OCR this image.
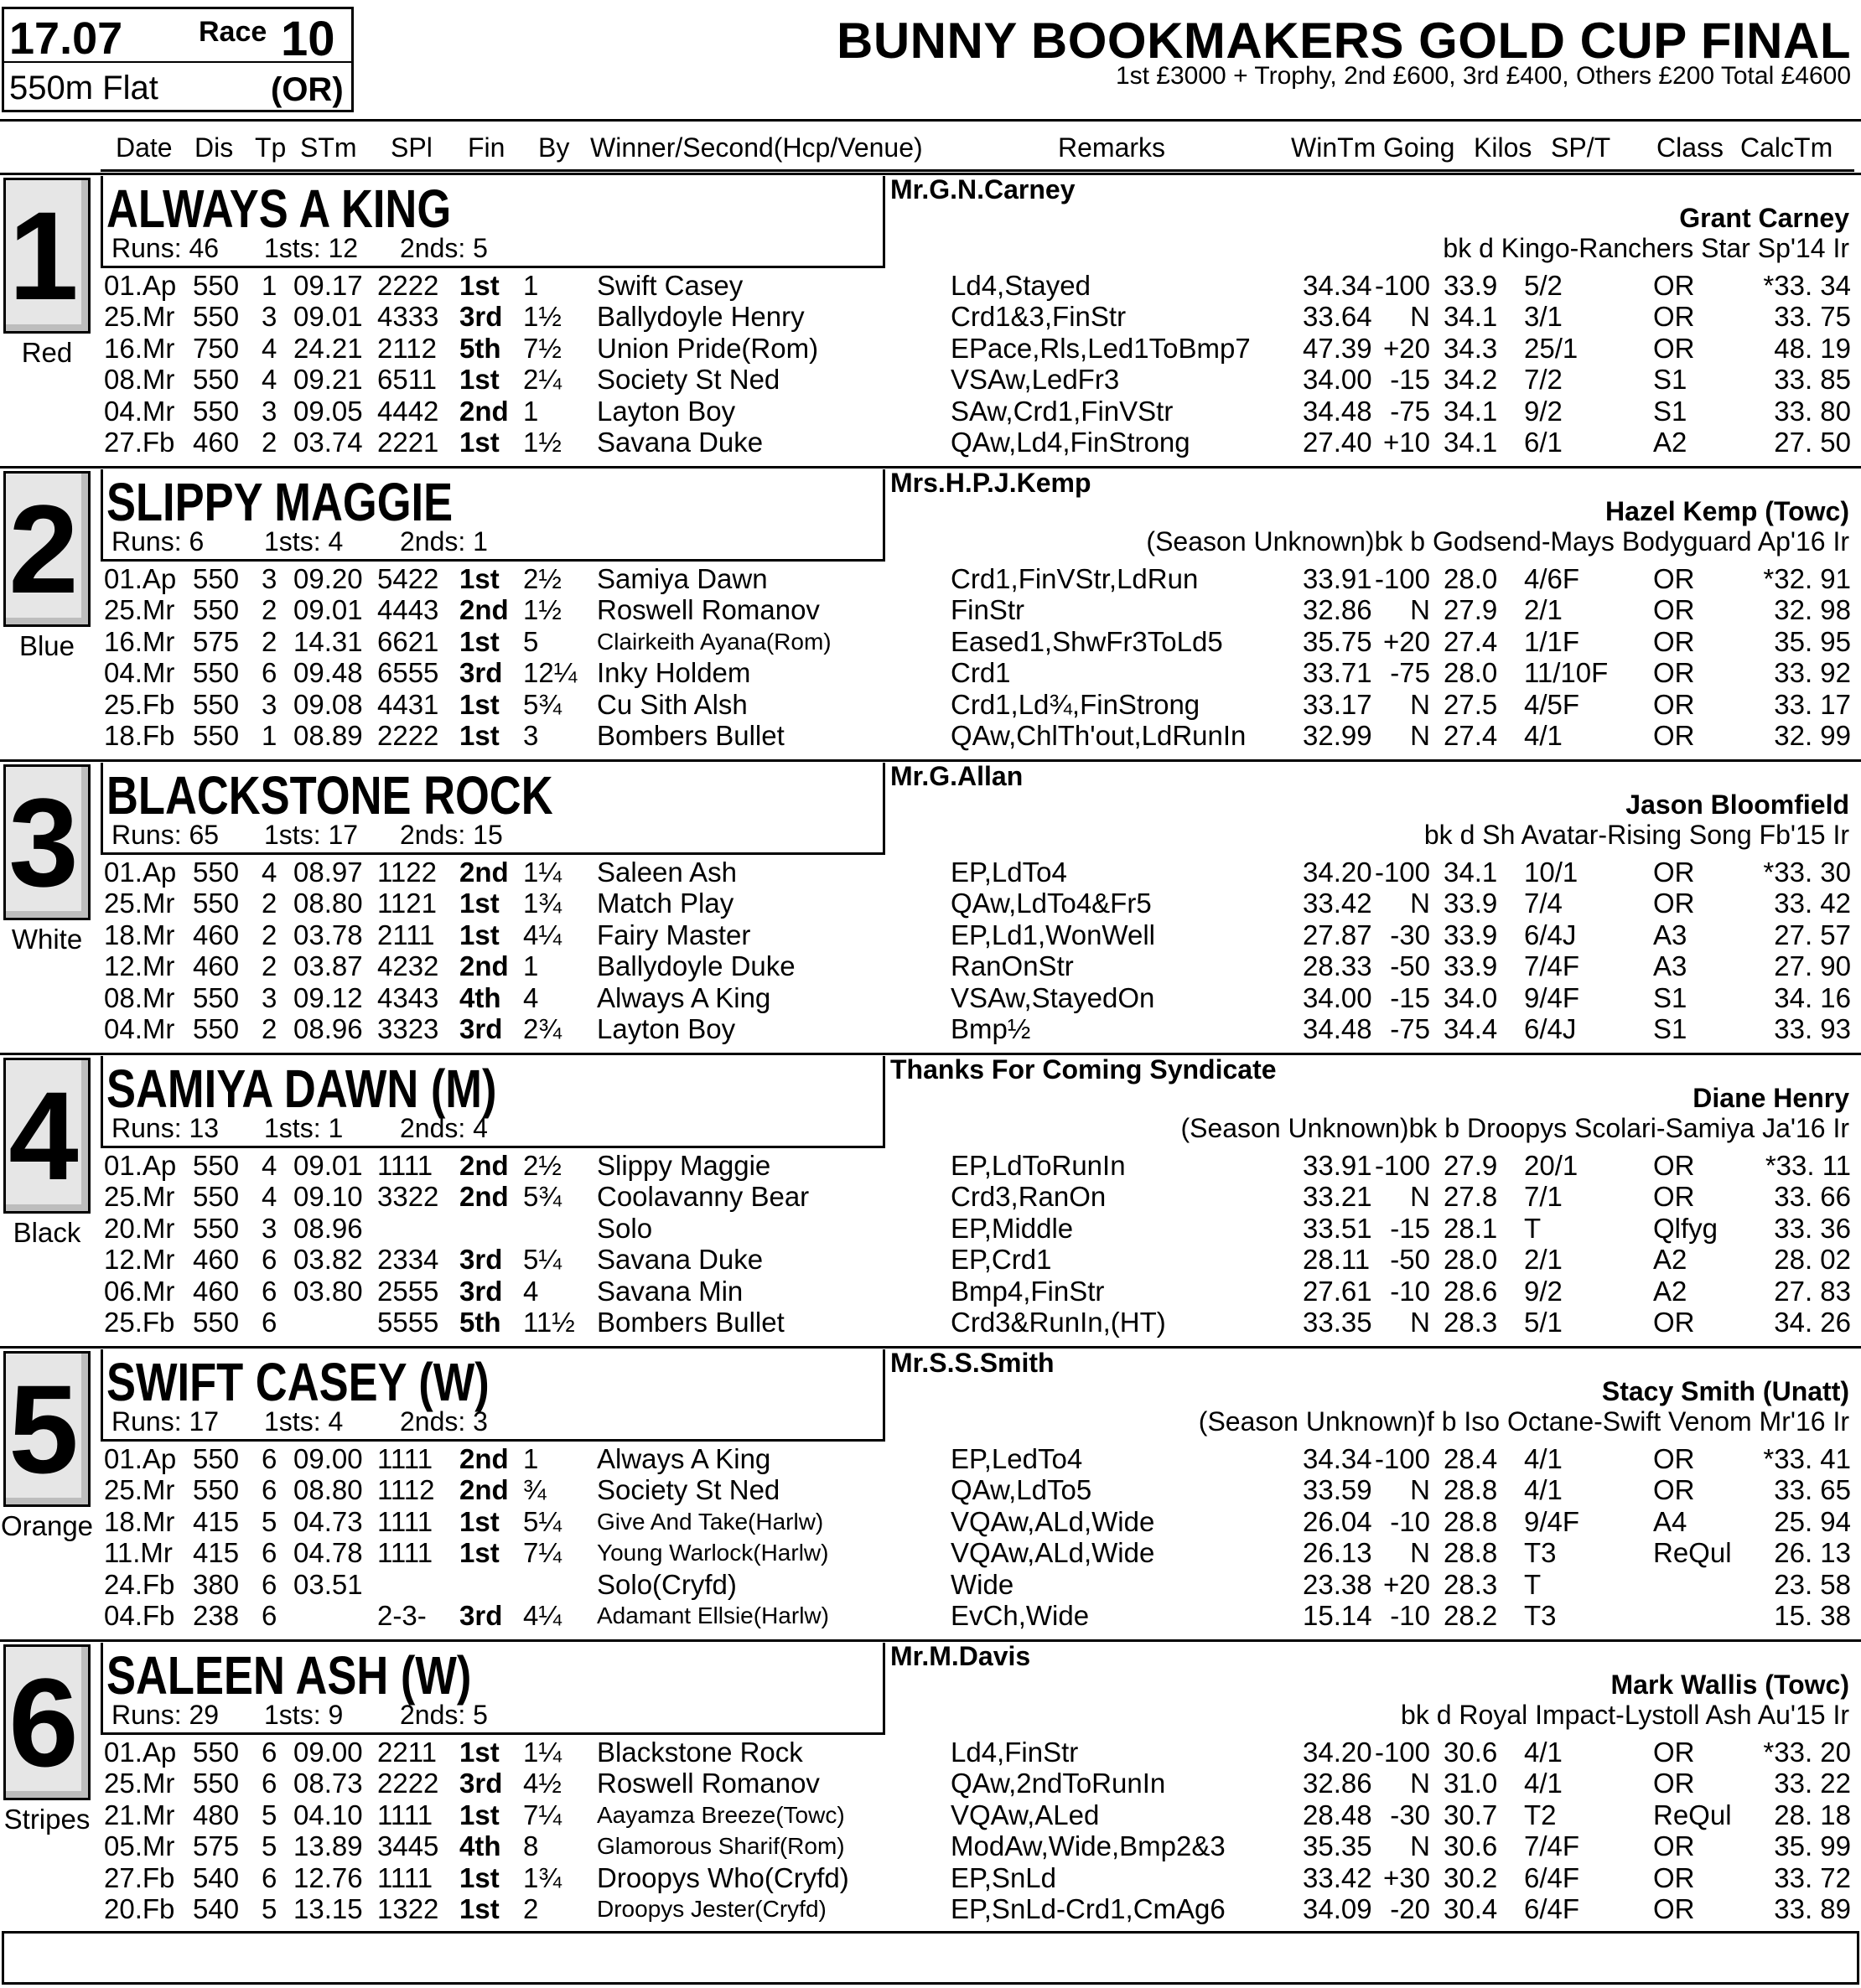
17.07	Race 10
550m Flat	(OR)
BUNNY BOOKMAKERS GOLD CUP FINAL
1st £3000 + Trophy, 2nd £600, 3rd £400, Others £200 Total £4600
Date Dis Tp STm SPl Fin By Winner/Second(Hcp/Venue)	Remarks	WinTm Going Kilos SP/T Class CalcTm
1
Red
ALWAYS A KING
Runs: 46 1sts: 12 2nds: 5
Mr.G.N.Carney
Grant Carney
bk d Kingo-Ranchers Star Sp'14 Ir
01.Ap 550 1 09.17 2222 1st 1 Swift Casey	Ld4,Stayed	34.34 -100 33.9 5/2	OR *33. 34
25.Mr 550 3 09.01 4333 3rd 1½ Ballydoyle Henry	Crd1&3,FinStr	33.64 N 34.1 3/1	OR	33. 75
16.Mr 750 4 24.21 2112 5th 7½ Union Pride(Rom)	EPace,Rls,Led1ToBmp7 47.39 +20 34.3 25/1	OR	48. 19
08.Mr 550 4 09.21 6511 1st 2¼ Society St Ned	VSAw,LedFr3	34.00 -15 34.2 7/2	S1	33. 85
04.Mr 550 3 09.05 4442 2nd 1 Layton Boy	SAw,Crd1,FinVStr	34.48 -75 34.1 9/2	S1	33. 80
27.Fb 460 2 03.74 2221 1st 1½ Savana Duke	QAw,Ld4,FinStrong	27.40 +10 34.1 6/1	A2	27. 50
2
Blue
SLIPPY MAGGIE
Runs: 6 1sts: 4 2nds: 1
Mrs.H.P.J.Kemp
Hazel Kemp (Towc)
(Season Unknown)bk b Godsend-Mays Bodyguard Ap'16 Ir
01.Ap 550 3 09.20 5422 1st 2½ Samiya Dawn	Crd1,FinVStr,LdRun	33.91 -100 28.0 4/6F	OR *32. 91
25.Mr 550 2 09.01 4443 2nd 1½ Roswell Romanov	FinStr	32.86 N 27.9 2/1	OR	32. 98
16.Mr 575 2 14.31 6621 1st 5 Clairkeith Ayana(Rom)	Eased1,ShwFr3ToLd5	35.75 +20 27.4 1/1F	OR	35. 95
04.Mr 550 6 09.48 6555 3rd 12¼ Inky Holdem	Crd1	33.71 -75 28.0 11/10F OR	33. 92
25.Fb 550 3 09.08 4431 1st 5¾ Cu Sith Alsh	Crd1,Ld¾,FinStrong	33.17 N 27.5 4/5F	OR	33. 17
18.Fb 550 1 08.89 2222 1st 3 Bombers Bullet	QAw,ChlTh'out,LdRunIn 32.99 N 27.4 4/1	OR	32. 99
3
White
BLACKSTONE ROCK
Runs: 65 1sts: 17 2nds: 15
Mr.G.Allan
Jason Bloomfield
bk d Sh Avatar-Rising Song Fb'15 Ir
01.Ap 550 4 08.97 1122 2nd 1¼ Saleen Ash	EP,LdTo4	34.20 -100 34.1 10/1	OR *33. 30
25.Mr 550 2 08.80 1121 1st 1¾ Match Play	QAw,LdTo4&Fr5	33.42 N 33.9 7/4	OR	33. 42
18.Mr 460 2 03.78 2111 1st 4¼ Fairy Master	EP,Ld1,WonWell	27.87 -30 33.9 6/4J	A3	27. 57
12.Mr 460 2 03.87 4232 2nd 1 Ballydoyle Duke	RanOnStr	28.33 -50 33.9 7/4F	A3	27. 90
08.Mr 550 3 09.12 4343 4th 4 Always A King	VSAw,StayedOn	34.00 -15 34.0 9/4F	S1	34. 16
04.Mr 550 2 08.96 3323 3rd 2¾ Layton Boy	Bmp½	34.48 -75 34.4 6/4J	S1	33. 93
4
Black
SAMIYA DAWN (M)
Runs: 13 1sts: 1 2nds: 4
Thanks For Coming Syndicate
Diane Henry
(Season Unknown)bk b Droopys Scolari-Samiya Ja'16 Ir
01.Ap 550 4 09.01 1111 2nd 2½ Slippy Maggie	EP,LdToRunIn	33.91 -100 27.9 20/1	OR	*33. 11
25.Mr 550 4 09.10 3322 2nd 5¾ Coolavanny Bear	Crd3,RanOn	33.21 N 27.8 7/1	OR	33. 66
20.Mr 550 3 08.96	Solo	EP,Middle	33.51 -15 28.1 T	Qlfyg 33. 36
12.Mr 460 6 03.82 2334 3rd 5¼ Savana Duke	EP,Crd1	28.11 -50 28.0 2/1	A2	28. 02
06.Mr 460 6 03.80 2555 3rd 4 Savana Min	Bmp4,FinStr	27.61 -10 28.6 9/2	A2	27. 83
25.Fb 550 6	5555 5th 11½ Bombers Bullet	Crd3&RunIn,(HT)	33.35 N 28.3 5/1	OR	34. 26
5
Orange
SWIFT CASEY (W)
Runs: 17 1sts: 4 2nds: 3
Mr.S.S.Smith
Stacy Smith (Unatt)
(Season Unknown)f b Iso Octane-Swift Venom Mr'16 Ir
01.Ap 550 6 09.00 1111 2nd 1 Always A King	EP,LedTo4	34.34 -100 28.4 4/1	OR *33. 41
25.Mr 550 6 08.80 1112 2nd ¾ Society St Ned	QAw,LdTo5	33.59 N 28.8 4/1	OR	33. 65
18.Mr 415 5 04.73 1111 1st 5¼ Give And Take(Harlw)	VQAw,ALd,Wide	26.04 -10 28.8 9/4F	A4	25. 94
11.Mr 415 6 04.78 1111 1st 7¼ Young Warlock(Harlw)	VQAw,ALd,Wide	26.13 N 28.8 T3	ReQul 26. 13
24.Fb 380 6 03.51	Solo(Cryfd)	Wide	23.38 +20 28.3 T	23. 58
04.Fb 238 6	2-3- 3rd 4¼ Adamant Ellsie(Harlw)	EvCh,Wide	15.14 -10 28.2 T3	15. 38
6
Stripes
SALEEN ASH (W)
Runs: 29 1sts: 9 2nds: 5
Mr.M.Davis
Mark Wallis (Towc)
bk d Royal Impact-Lystoll Ash Au'15 Ir
01.Ap 550 6 09.00 2211 1st 1¼ Blackstone Rock	Ld4,FinStr	34.20 -100 30.6 4/1	OR *33. 20
25.Mr 550 6 08.73 2222 3rd 4½ Roswell Romanov	QAw,2ndToRunIn	32.86 N 31.0 4/1	OR	33. 22
21.Mr 480 5 04.10 1111 1st 7¼ Aayamza Breeze(Towc)	VQAw,ALed	28.48 -30 30.7 T2	ReQul 28. 18
05.Mr 575 5 13.89 3445 4th 8 Glamorous Sharif(Rom)	ModAw,Wide,Bmp2&3	35.35 N 30.6 7/4F	OR	35. 99
27.Fb 540 6 12.76 1111 1st 1¾ Droopys Who(Cryfd)	EP,SnLd	33.42 +30 30.2 6/4F	OR	33. 72
20.Fb 540 5 13.15 1322 1st 2 Droopys Jester(Cryfd)	EP,SnLd-Crd1,CmAg6	34.09 -20 30.4 6/4F	OR	33. 89
